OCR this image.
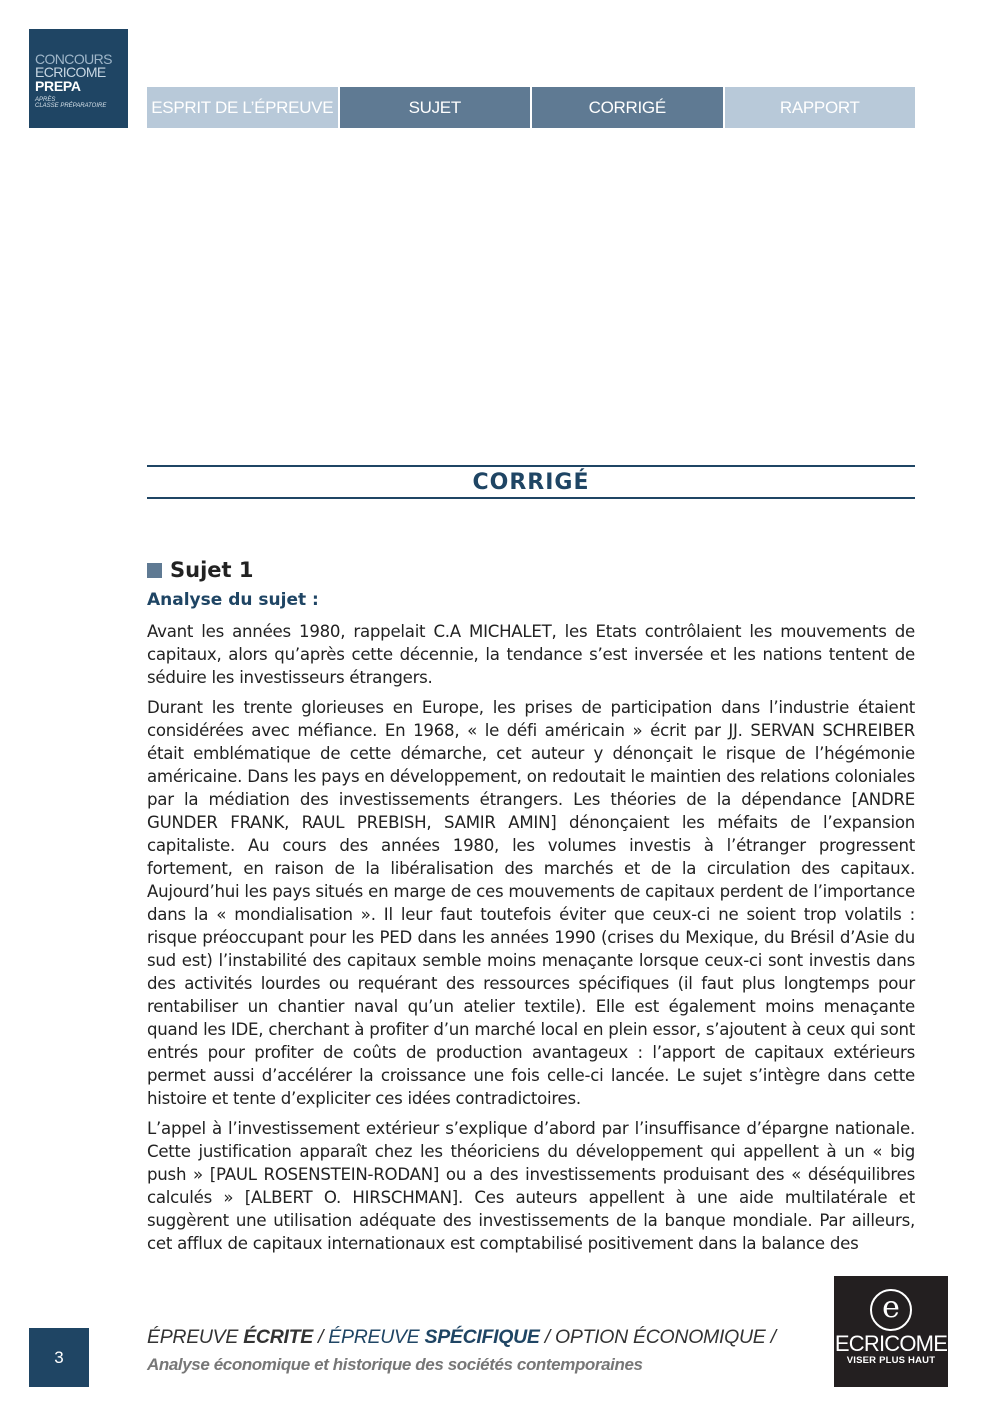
CONCOURS
ECRICOME
PREPA
APRÈS
CLASSE PRÉPARATOIRE	ESPRIT DE L’ÉPREUVE	SUJET	CORRIGÉ	RAPPORT
CORRIGÉ
Sujet 1
Analyse du sujet :

Avant les années 1980, rappelait C.A MICHALET, les Etats contrôlaient les mouvements de capitaux, alors qu’après cette décennie, la tendance s’est inversée et les nations tentent de séduire les investisseurs étrangers.

Durant les trente glorieuses en Europe, les prises de participation dans l’industrie étaient considérées avec méfiance. En 1968, « le défi américain » écrit par JJ. SERVAN SCHREIBER était emblématique de cette démarche, cet auteur y dénonçait le risque de l’hégémonie américaine. Dans les pays en développement, on redoutait le maintien des relations coloniales par la médiation des investissements étrangers. Les théories de la dépendance [ANDRE GUNDER FRANK, RAUL PREBISH, SAMIR AMIN] dénonçaient les méfaits de l’expansion capitaliste. Au cours des années 1980, les volumes investis à l’étranger progressent fortement, en raison de la libéralisation des marchés et de la circulation des capitaux. Aujourd’hui les pays situés en marge de ces mouvements de capitaux perdent de l’importance dans la « mondialisation ». Il leur faut toutefois éviter que ceux-ci ne soient trop volatils : risque préoccupant pour les PED dans les années 1990 (crises du Mexique, du Brésil d’Asie du sud est) l’instabilité des capitaux semble moins menaçante lorsque ceux-ci sont investis dans des activités lourdes ou requérant des ressources spécifiques (il faut plus longtemps pour rentabiliser un chantier naval qu’un atelier textile). Elle est également moins menaçante quand les IDE, cherchant à profiter d’un marché local en plein essor, s’ajoutent à ceux qui sont entrés pour profiter de coûts de production avantageux : l’apport de capitaux extérieurs permet aussi d’accélérer la croissance une fois celle-ci lancée. Le sujet s’intègre dans cette histoire et tente d’expliciter ces idées contradictoires.

L’appel à l’investissement extérieur s’explique d’abord par l’insuffisance d’épargne nationale. Cette justification apparaît chez les théoriciens du développement qui appellent à un « big push » [PAUL ROSENSTEIN-RODAN] ou a des investissements produisant des « déséquilibres calculés » [ALBERT O. HIRSCHMAN]. Ces auteurs appellent à une aide multilatérale et suggèrent une utilisation adéquate des investissements de la banque mondiale. Par ailleurs, cet afflux de capitaux internationaux est comptabilisé positivement dans la balance des

3
ÉPREUVE ÉCRITE / ÉPREUVE SPÉCIFIQUE / OPTION ÉCONOMIQUE /
Analyse économique et historique des sociétés contemporaines
e
ECRICOME
VISER PLUS HAUT
